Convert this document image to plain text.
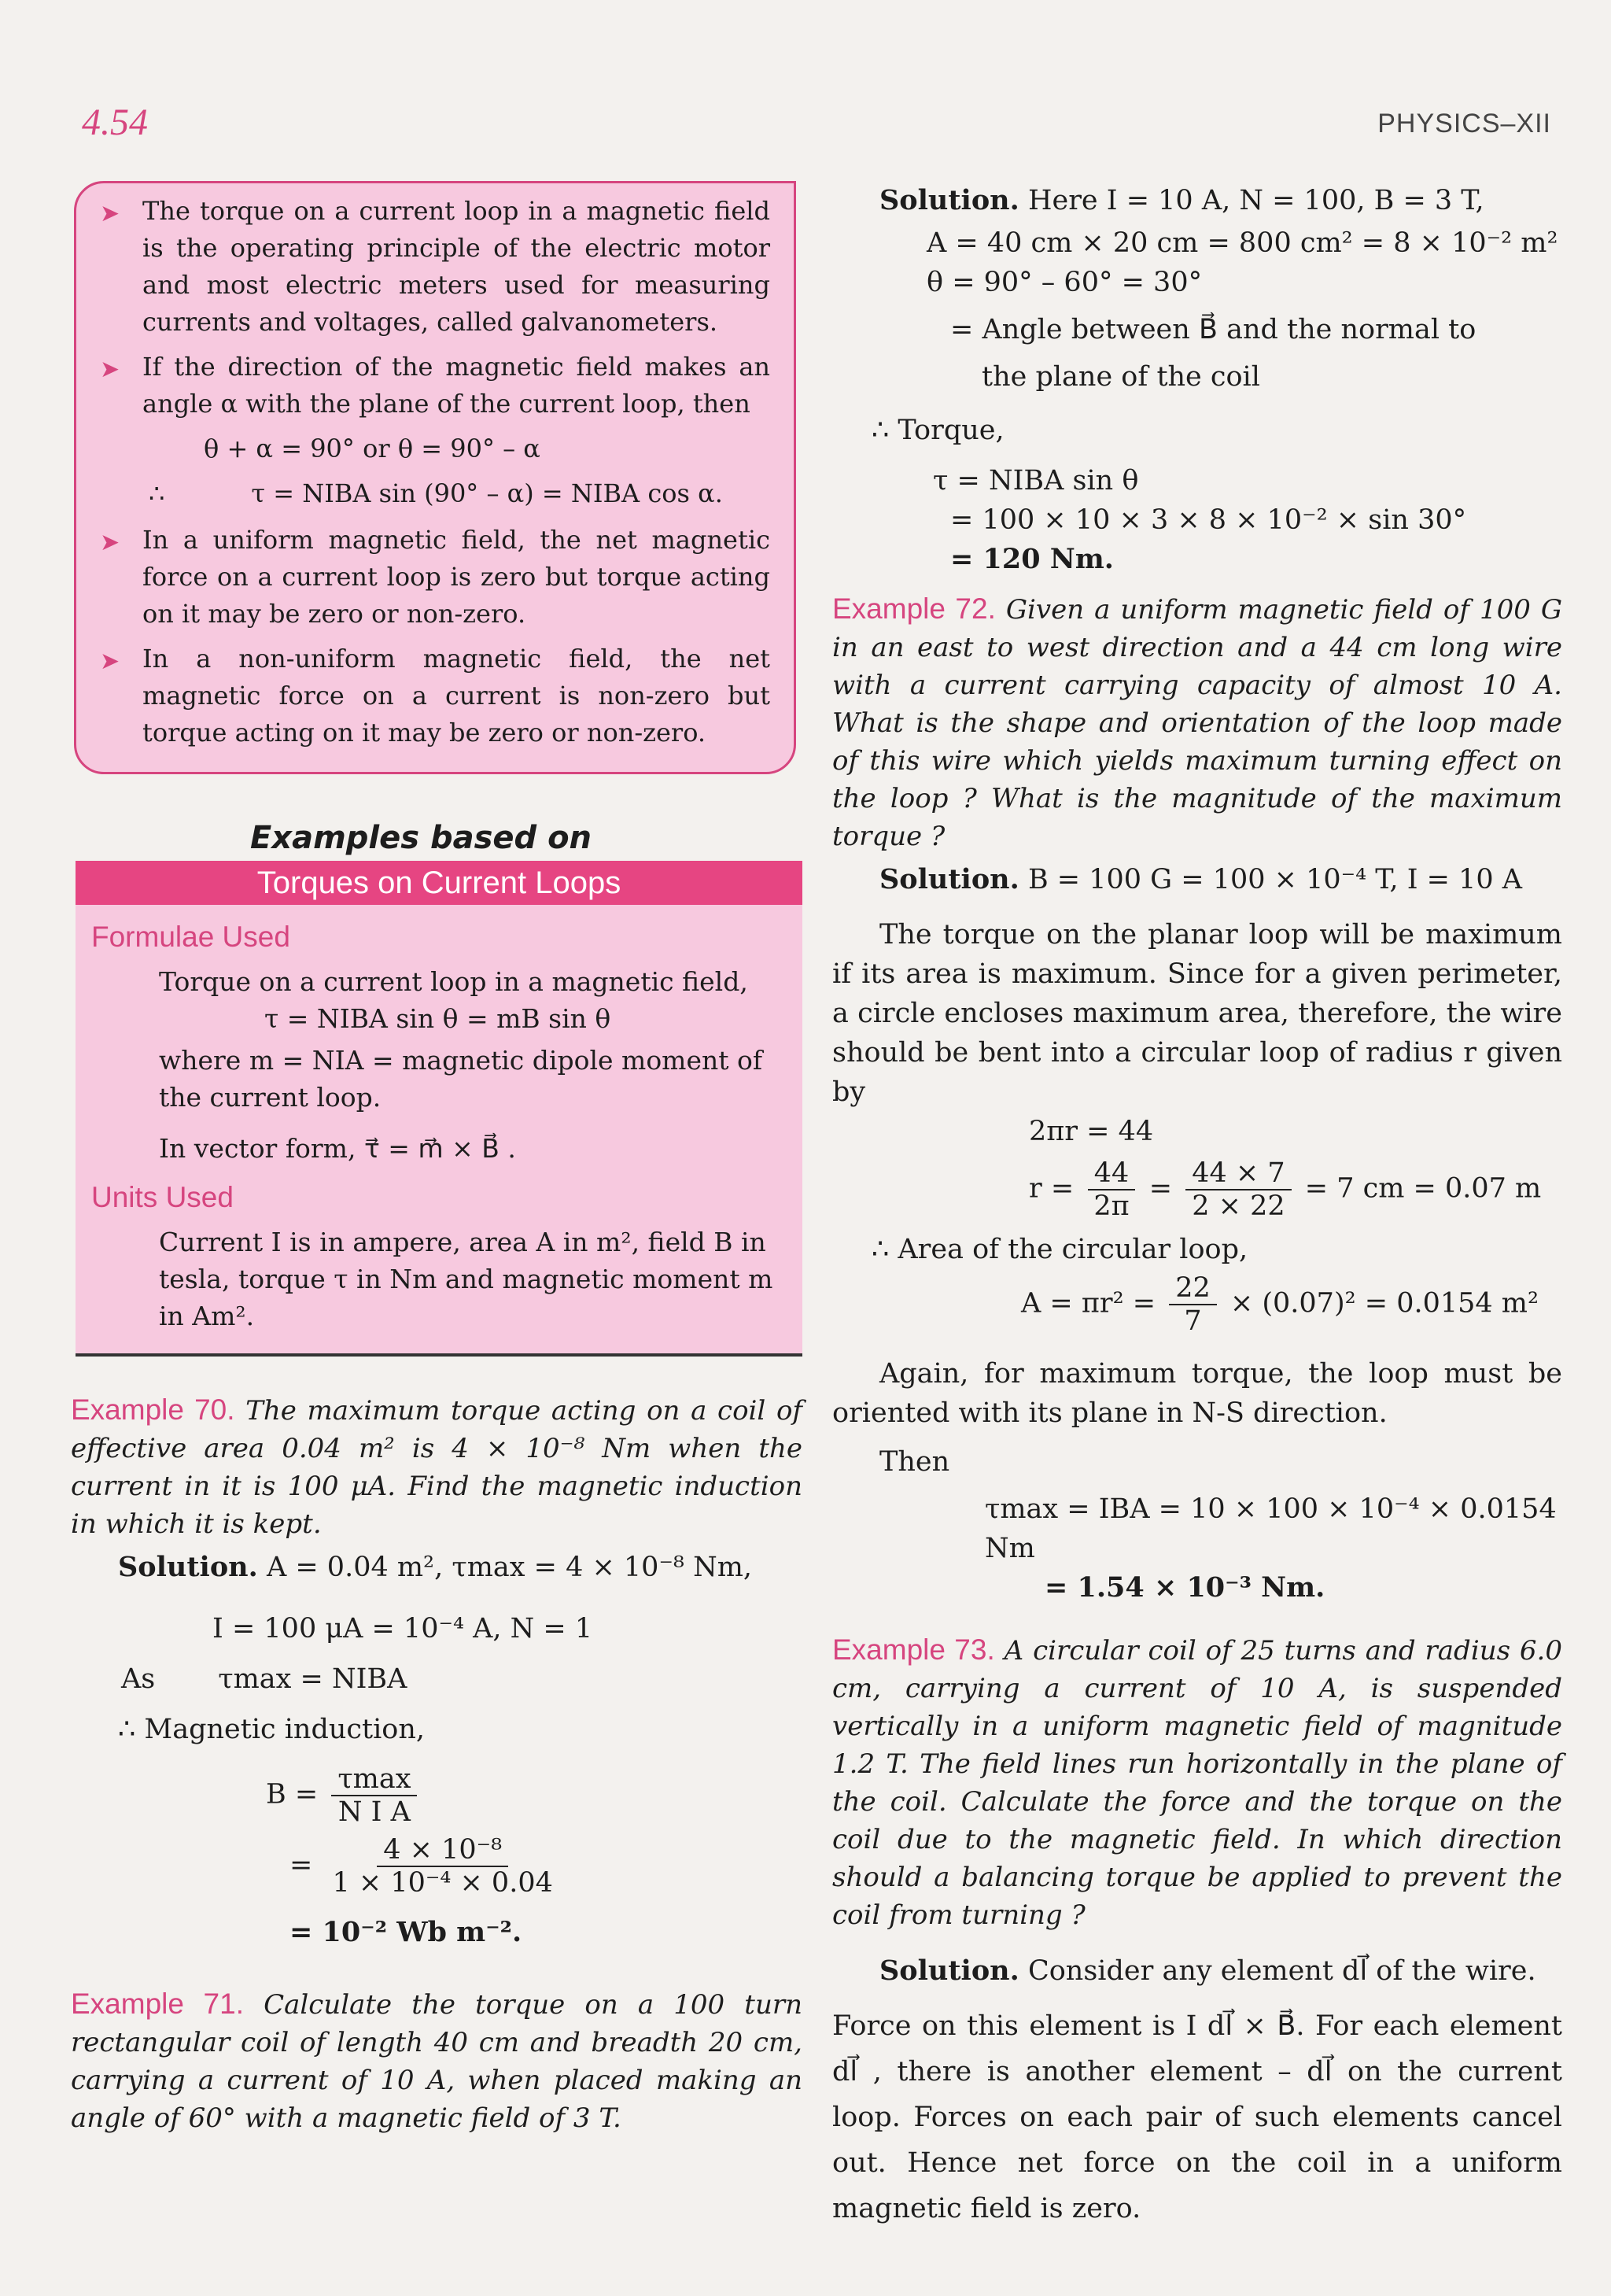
4.54	PHYSICS–XII
➤ The torque on a current loop in a magnetic field is the operating principle of the electric motor and most electric meters used for measuring currents and voltages, called galvanometers.
➤ If the direction of the magnetic field makes an angle α with the plane of the current loop, then
θ + α = 90° or θ = 90° – α
∴	τ = NIBA sin (90° – α) = NIBA cos α.
➤ In a uniform magnetic field, the net magnetic force on a current loop is zero but torque acting on it may be zero or non-zero.
➤ In a non-uniform magnetic field, the net magnetic force on a current is non-zero but torque acting on it may be zero or non-zero.
Examples based on
Torques on Current Loops
Formulae Used
Torque on a current loop in a magnetic field,
τ = NIBA sin θ = mB sin θ
where m = NIA = magnetic dipole moment of the current loop.
In vector form, τ⃗ = m⃗ × B⃗ .
Units Used
Current I is in ampere, area A in m², field B in tesla, torque τ in Nm and magnetic moment m in Am².
Example 70. The maximum torque acting on a coil of effective area 0.04 m² is 4 × 10⁻⁸ Nm when the current in it is 100 μA. Find the magnetic induction in which it is kept.
Solution. A = 0.04 m², τmax = 4 × 10⁻⁸ Nm,
I = 100 μA = 10⁻⁴ A, N = 1
As τmax = NIBA
∴ Magnetic induction,
$B = \frac{\tau\max}{\text{N I A}}$
= $\frac{\text{4 × 10⁻⁸}}{\text{1 × 10⁻⁴ × 0.04}}$
= 10⁻² Wb m⁻².
Example 71. Calculate the torque on a 100 turn rectangular coil of length 40 cm and breadth 20 cm, carrying a current of 10 A, when placed making an angle of 60° with a magnetic field of 3 T.
Solution. Here I = 10 A, N = 100, B = 3 T,
A = 40 cm × 20 cm = 800 cm² = 8 × 10⁻² m²
θ = 90° – 60° = 30°
= Angle between B⃗ and the normal to
the plane of the coil
∴ Torque,
τ = NIBA sin θ
= 100 × 10 × 3 × 8 × 10⁻² × sin 30°
= 120 Nm.
Example 72. Given a uniform magnetic field of 100 G in an east to west direction and a 44 cm long wire with a current carrying capacity of almost 10 A. What is the shape and orientation of the loop made of this wire which yields maximum turning effect on the loop ? What is the magnitude of the maximum torque ?
Solution. B = 100 G = 100 × 10⁻⁴ T, I = 10 A
The torque on the planar loop will be maximum if its area is maximum. Since for a given perimeter, a circle encloses maximum area, therefore, the wire should be bent into a circular loop of radius r given by
2πr = 44
$r = \frac{44}{2\pi} = \frac{44 \times 7}{2 \times 22} = 7$ cm = 0.07 m
∴ Area of the circular loop,
$A = \pi r^2 = \frac{22}{7} \times (0.07)^2 = 0.0154$ m²
Again, for maximum torque, the loop must be oriented with its plane in N-S direction.
Then
τmax = IBA = 10 × 100 × 10⁻⁴ × 0.0154 Nm
= 1.54 × 10⁻³ Nm.
Example 73. A circular coil of 25 turns and radius 6.0 cm, carrying a current of 10 A, is suspended vertically in a uniform magnetic field of magnitude 1.2 T. The field lines run horizontally in the plane of the coil. Calculate the force and the torque on the coil due to the magnetic field. In which direction should a balancing torque be applied to prevent the coil from turning ?
Solution. Consider any element dl⃗ of the wire.
Force on this element is I dl⃗ × B⃗. For each element dl⃗ , there is another element – dl⃗ on the current loop. Forces on each pair of such elements cancel out. Hence net force on the coil in a uniform magnetic field is zero.
